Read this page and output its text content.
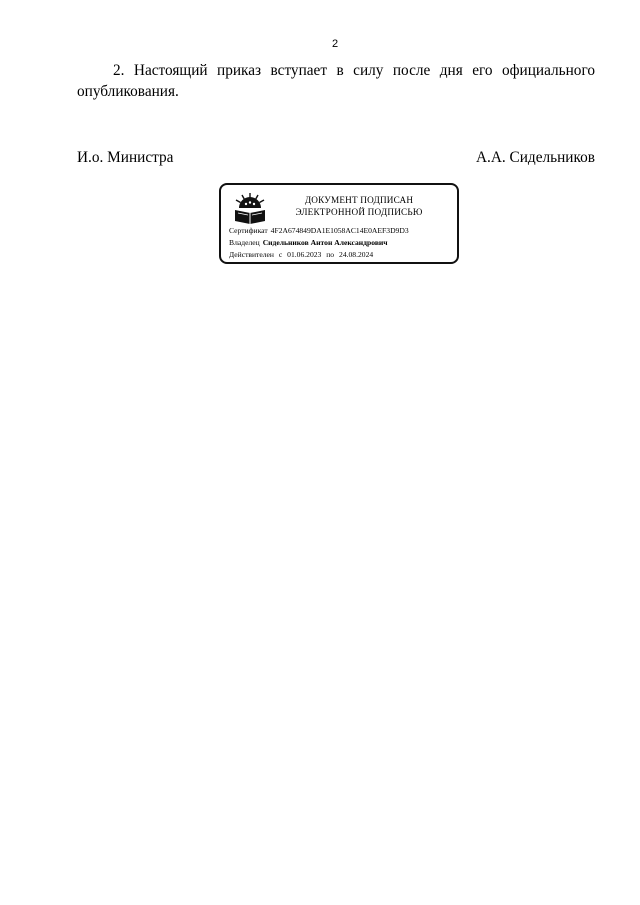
2

2. Настоящий приказ вступает в силу после дня его официального опубликования.

И.о. Министра	А.А. Сидельников
ДОКУМЕНТ ПОДПИСАН
ЭЛЕКТРОННОЙ ПОДПИСЬЮ
Сертификат 4F2A674849DA1E1058AC14E0AEF3D9D3
Владелец Сидельников Антон Александрович
Действителен с 01.06.2023 по 24.08.2024
